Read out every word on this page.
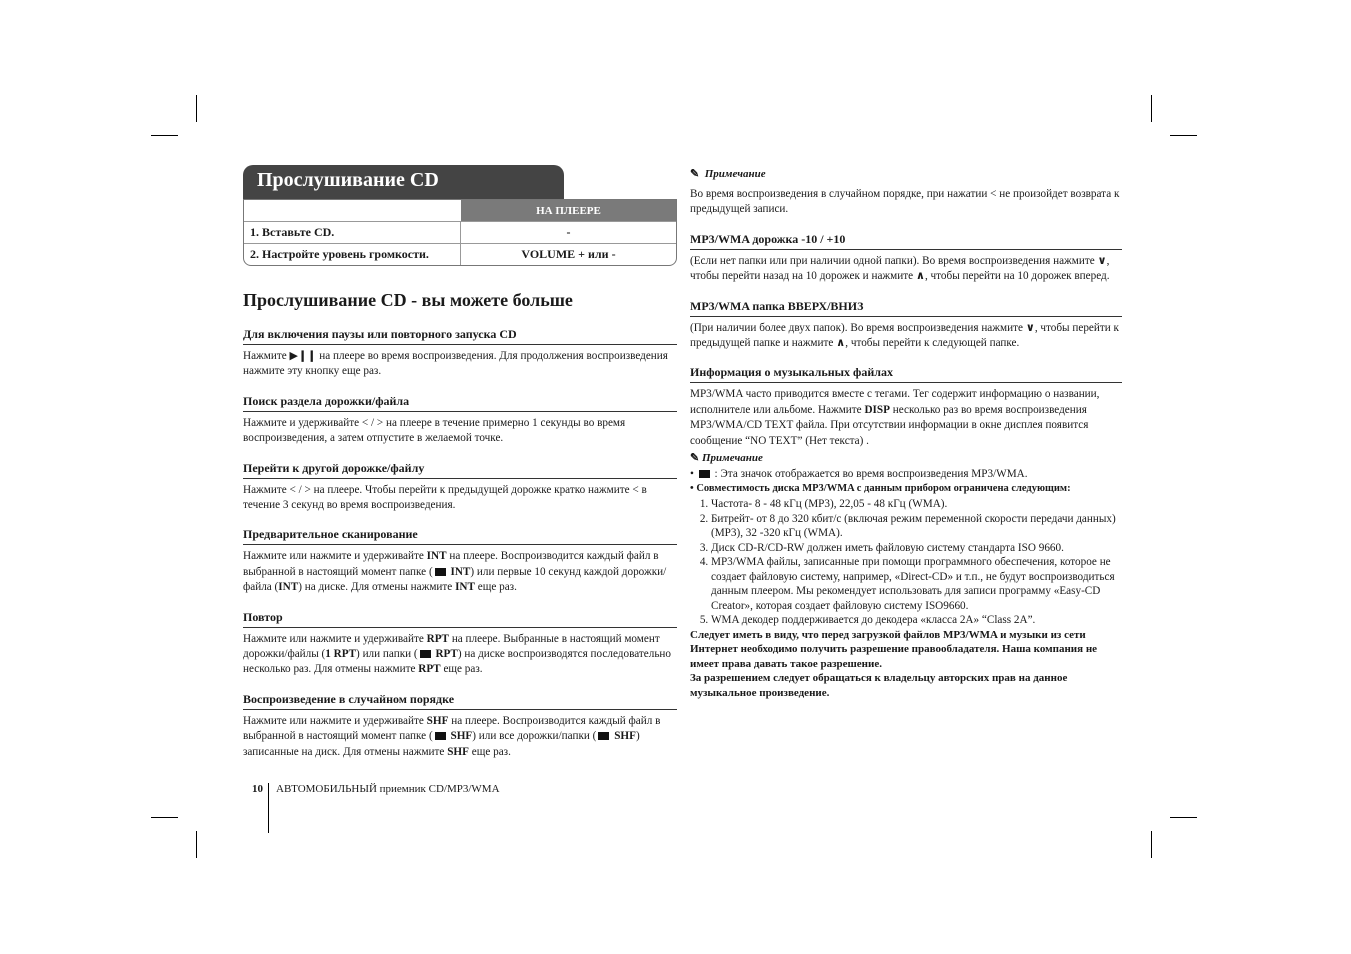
Прослушивание CD
	НА ПЛЕЕРЕ
1. Вставьте CD.	-
2. Настройте уровень громкости.	VOLUME + или -
Прослушивание CD - вы можете больше
Для включения паузы или повторного запуска CD

Нажмите ▶❙❙ на плеере во время воспроизведения. Для продолжения воспроизведения нажмите эту кнопку еще раз.

Поиск раздела дорожки/файла

Нажмите и удерживайте < / > на плеере в течение примерно 1 секунды во время воспроизведения, а затем отпустите в желаемой точке.

Перейти к другой дорожке/файлу

Нажмите < / > на плеере. Чтобы перейти к предыдущей дорожке кратко нажмите < в течение 3 секунд во время воспроизведения.

Предварительное сканирование

Нажмите или нажмите и удерживайте INT на плеере. Воспроизводится каждый файл в выбранной в настоящий момент папке ( INT) или первые 10 секунд каждой дорожки/файла (INT) на диске. Для отмены нажмите INT еще раз.

Повтор

Нажмите или нажмите и удерживайте RPT на плеере. Выбранные в настоящий момент дорожки/файлы (1 RPT) или папки ( RPT) на диске воспроизводятся последовательно несколько раз. Для отмены нажмите RPT еще раз.

Воспроизведение в случайном порядке

Нажмите или нажмите и удерживайте SHF на плеере. Воспроизводится каждый файл в выбранной в настоящий момент папке ( SHF) или все дорожки/папки ( SHF) записанные на диск. Для отмены нажмите SHF еще раз.

✎ Примечание

Во время воспроизведения в случайном порядке, при нажатии < не произойдет возврата к предыдущей записи.

MP3/WMA дорожка -10 / +10

(Если нет папки или при наличии одной папки). Во время воспроизведения нажмите ∨, чтобы перейти назад на 10 дорожек и нажмите ∧, чтобы перейти на 10 дорожек вперед.

MP3/WMA папка ВВЕРХ/ВНИЗ

(При наличии более двух папок). Во время воспроизведения нажмите ∨, чтобы перейти к предыдущей папке и нажмите ∧, чтобы перейти к следующей папке.

Информация о музыкальных файлах

MP3/WMA часто приводится вместе с тегами. Тег содержит информацию о названии, исполнителе или альбоме. Нажмите DISP несколько раз во время воспроизведения MP3/WMA/CD TEXT файла. При отсутствии информации в окне дисплея появится сообщение “NO TEXT” (Нет текста) .

✎ Примечание

•  : Эта значок отображается во время воспроизведения MP3/WMA.

• Совместимость диска MP3/WMA с данным прибором ограничена следующим:

1. Частота- 8 - 48 кГц (MP3), 22,05 - 48 кГц (WMA).
2. Битрейт- от 8 до 320 кбит/с (включая режим переменной скорости передачи данных)(MP3), 32 -320 кГц (WMA).
3. Диск CD-R/CD-RW должен иметь файловую систему стандарта ISO 9660.
4. MP3/WMA файлы, записанные при помощи программного обеспечения, которое не создает файловую систему, например, «Direct-CD» и т.п., не будут воспроизводиться данным плеером. Мы рекомендует использовать для записи программу «Easy-CD Creator», которая создает файловую систему ISO9660.
5. WMA декодер поддерживается до декодера «класса 2A» “Class 2A”.

Следует иметь в виду, что перед загрузкой файлов MP3/WMA и музыки из сети Интернет необходимо получить разрешение правообладателя. Наша компания не имеет права давать такое разрешение.

За разрешением следует обращаться к владельцу авторских прав на данное музыкальное произведение.

10 АВТОМОБИЛЬНЫЙ приемник CD/MP3/WMA
